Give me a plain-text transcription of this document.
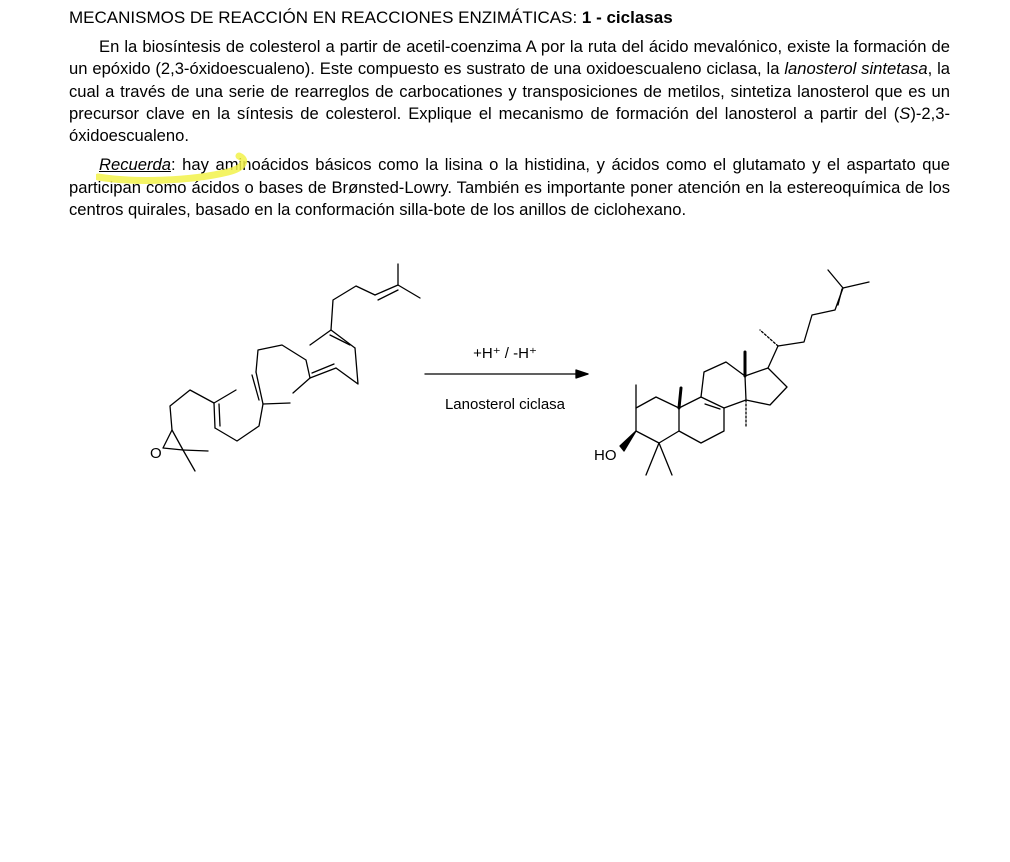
MECANISMOS DE REACCIÓN EN REACCIONES ENZIMÁTICAS: 1 - ciclasas

En la biosíntesis de colesterol a partir de acetil-coenzima A por la ruta del ácido mevalónico, existe la formación de un epóxido (2,3-óxidoescualeno). Este compuesto es sustrato de una oxidoescualeno ciclasa, la lanosterol sintetasa, la cual a través de una serie de rearreglos de carbocationes y transposiciones de metilos, sintetiza lanosterol que es un precursor clave en la síntesis de colesterol. Explique el mecanismo de formación del lanosterol a partir del (S)-2,3-óxidoescualeno.

Recuerda: hay aminoácidos básicos como la lisina o la histidina, y ácidos como el glutamato y el aspartato que participan como ácidos o bases de Brønsted-Lowry. También es importante poner atención en la estereoquímica de los centros quirales, basado en la conformación silla-bote de los anillos de ciclohexano.

O	HO
+H⁺ / -H⁺
Lanosterol ciclasa
